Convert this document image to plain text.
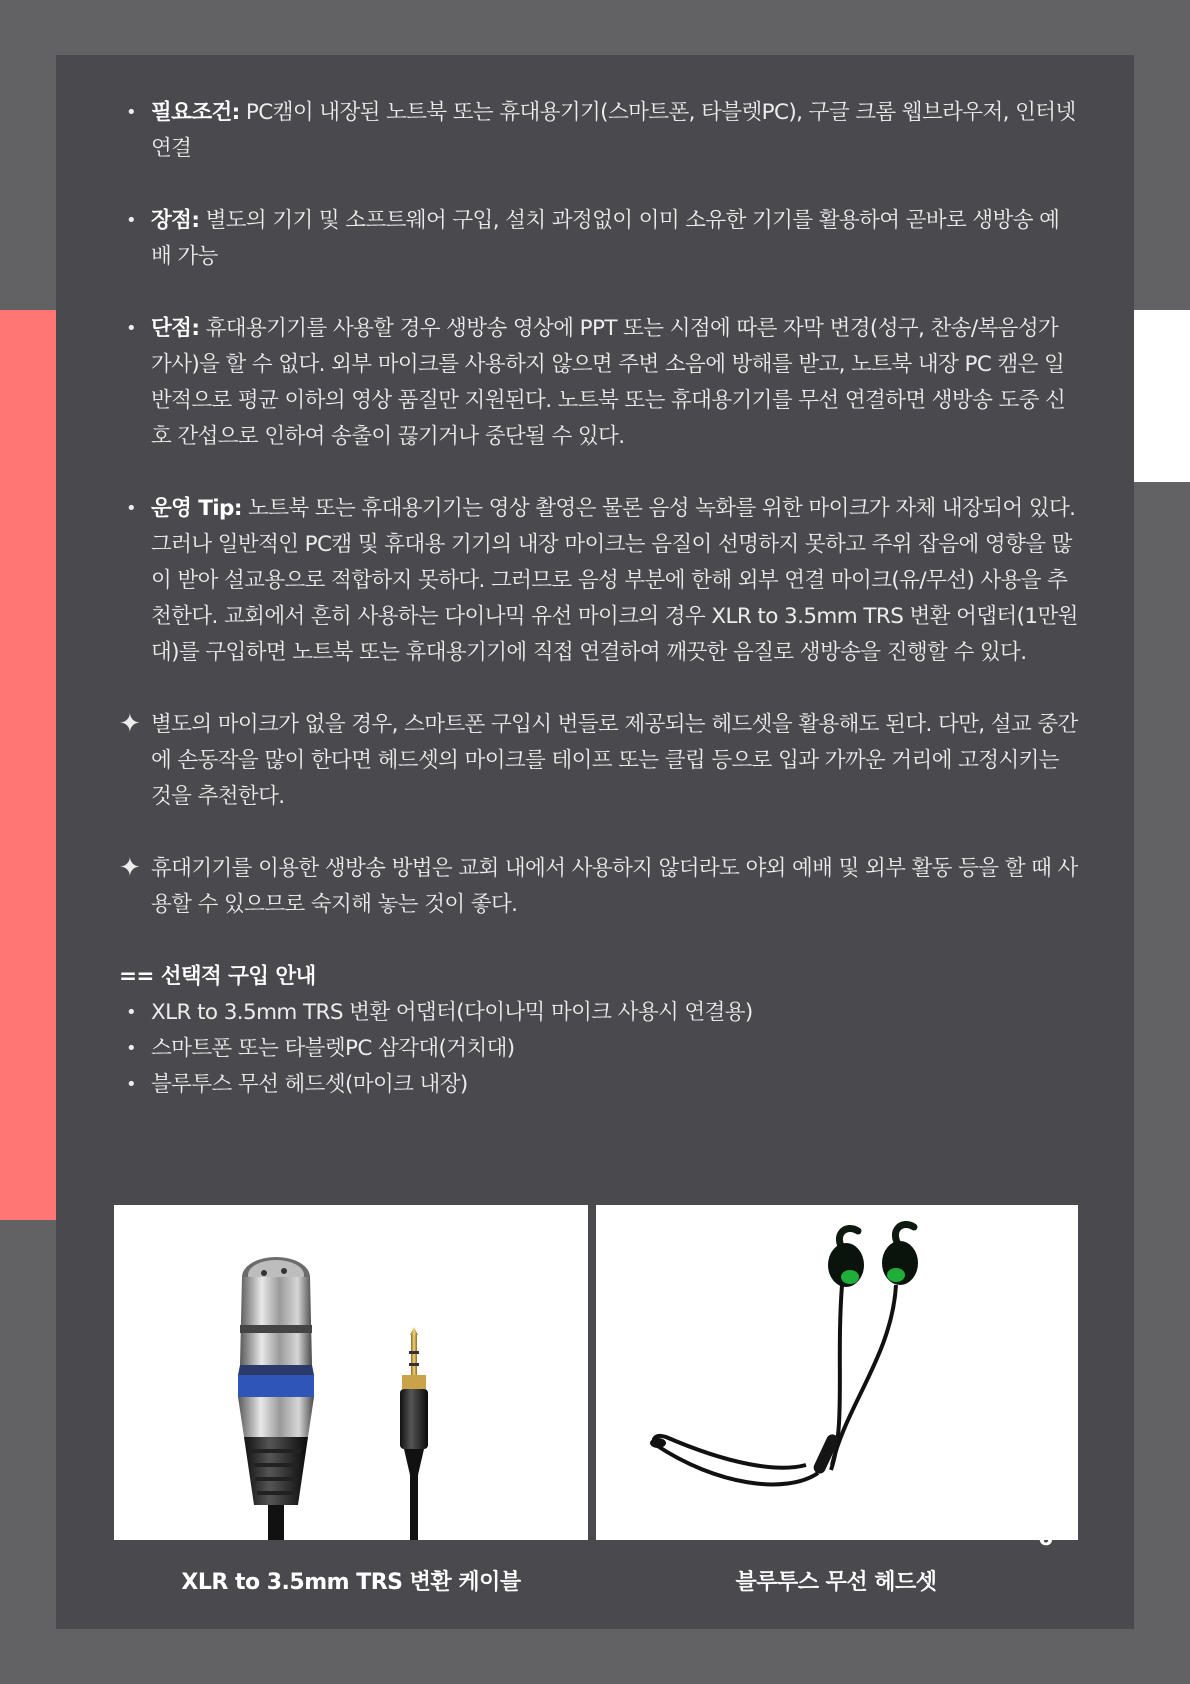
• 필요조건: PC캠이 내장된 노트북 또는 휴대용기기(스마트폰, 타블렛PC), 구글 크롬 웹브라우저, 인터넷 연결
• 장점: 별도의 기기 및 소프트웨어 구입, 설치 과정없이 이미 소유한 기기를 활용하여 곧바로 생방송 예배 가능
• 단점: 휴대용기기를 사용할 경우 생방송 영상에 PPT 또는 시점에 따른 자막 변경(성구, 찬송/복음성가 가사)을 할 수 없다. 외부 마이크를 사용하지 않으면 주변 소음에 방해를 받고, 노트북 내장 PC 캠은 일반적으로 평균 이하의 영상 품질만 지원된다. 노트북 또는 휴대용기기를 무선 연결하면 생방송 도중 신호 간섭으로 인하여 송출이 끊기거나 중단될 수 있다.
• 운영 Tip: 노트북 또는 휴대용기기는 영상 촬영은 물론 음성 녹화를 위한 마이크가 자체 내장되어 있다. 그러나 일반적인 PC캠 및 휴대용 기기의 내장 마이크는 음질이 선명하지 못하고 주위 잡음에 영향을 많이 받아 설교용으로 적합하지 못하다. 그러므로 음성 부분에 한해 외부 연결 마이크(유/무선) 사용을 추천한다. 교회에서 흔히 사용하는 다이나믹 유선 마이크의 경우 XLR to 3.5mm TRS 변환 어댑터(1만원대)를 구입하면 노트북 또는 휴대용기기에 직접 연결하여 깨끗한 음질로 생방송을 진행할 수 있다.
✦ 별도의 마이크가 없을 경우, 스마트폰 구입시 번들로 제공되는 헤드셋을 활용해도 된다. 다만, 설교 중간에 손동작을 많이 한다면 헤드셋의 마이크를 테이프 또는 클립 등으로 입과 가까운 거리에 고정시키는 것을 추천한다.
✦ 휴대기기를 이용한 생방송 방법은 교회 내에서 사용하지 않더라도 야외 예배 및 외부 활동 등을 할 때 사용할 수 있으므로 숙지해 놓는 것이 좋다.
== 선택적 구입 안내
• XLR to 3.5mm TRS 변환 어댑터(다이나믹 마이크 사용시 연결용)
• 스마트폰 또는 타블렛PC 삼각대(거치대)
• 블루투스 무선 헤드셋(마이크 내장)
XLR to 3.5mm TRS 변환 케이블	블루투스 무선 헤드셋
6
